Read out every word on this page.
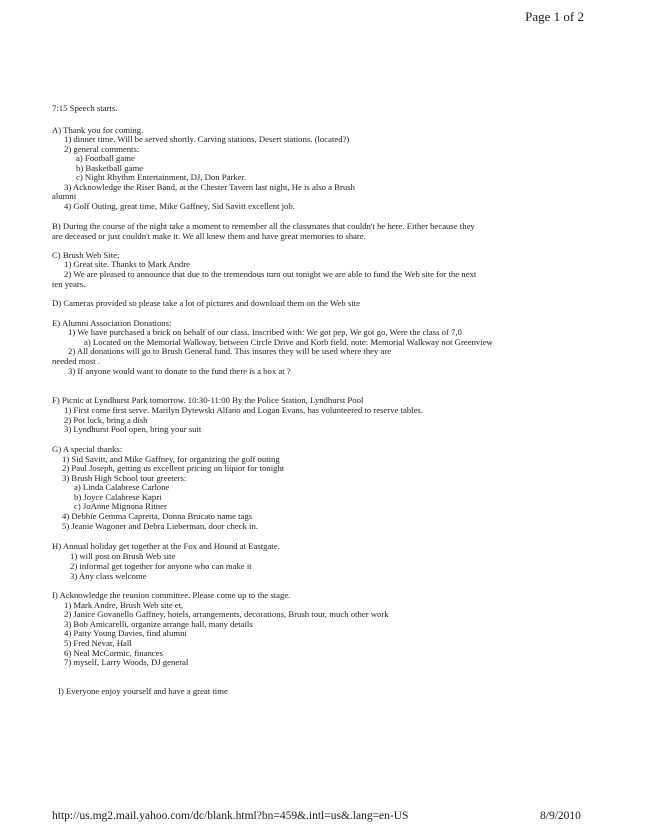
Page 1 of 2
7:15 Speech starts.
A) Thank you for coming.
1) dinner time. Will be served shortly. Carving stations, Desert stations. (located?)
2) general comments:
a) Football game
b) Basketball game
c) Night Rhythm Entertainment, DJ, Don Parker.
3) Acknowledge the Riser Band, at the Chester Tavern last night, He is also a Brush
alumni
4) Golf Outing, great time, Mike Gaffney, Sid Savitt excellent job.
B) During the course of the night take a moment to remember all the classmates that couldn't be here. Either because they
are deceased or just couldn't make it. We all knew them and have great memories to share.
C) Brush Web Site;
1) Great site. Thanks to Mark Andre
2) We are pleased to announce that due to the tremendous turn out tonight we are able to fund the Web site for the next
ten years.
D) Cameras provided so please take a lot of pictures and download them on the Web site
E) Alumni Association Donations:
1) We have purchased a brick on behalf of our class. Inscribed with: We got pep, We got go, Were the class of 7,0
a) Located on the Memorial Walkway, between Circle Drive and Korb field. note: Memorial Walkway not Greenview
2) All donations will go to Brush General fund. This insures they will be used where they are
needed most .
3) If anyone would want to donate to the fund there is a box at ?
F) Picnic at Lyndhurst Park tomorrow. 10:30-11:00 By the Police Station, Lyndhurst Pool
1) First come first serve. Marilyn Dytewski Alfano and Logan Evans, has volunteered to reserve tables.
2) Pot luck, bring a dish
3) Lyndhurst Pool open, bring your suit
G) A special thanks:
1) Sid Savitt, and Mike Gaffney, for organizing the golf outing
2) Paul Joseph, getting us excellent pricing on liquor for tonight
3) Brush High School tour greeters:
a) Linda Calabrese Carlone
b) Joyce Calabrese Kapri
c) JoAnne Mignona Ritner
4) Debbie Gemma Capretta, Donna Brucato name tags
5) Jeanie Wagoner and Debra Lieberman, door check in.
H) Annual holiday get together at the Fox and Hound at Eastgate.
1) will post on Brush Web site
2) informal get together for anyone who can make it
3) Any class welcome
I) Acknowledge the reunion committee. Please come up to the stage.
1) Mark Andre, Brush Web site et,
2) Janice Govanello Gaffney, hotels, arrangements, decorations, Brush tour, much other work
3) Bob Amicarelli, organize arrange hall, many details
4) Patty Young Davies, find alumni
5) Fred Nevar, Hall
6) Neal McCormic, finances
7) myself, Larry Woods, DJ general
I) Everyone enjoy yourself and have a great time
http://us.mg2.mail.yahoo.com/dc/blank.html?bn=459&.intl=us&.lang=en-US	8/9/2010
